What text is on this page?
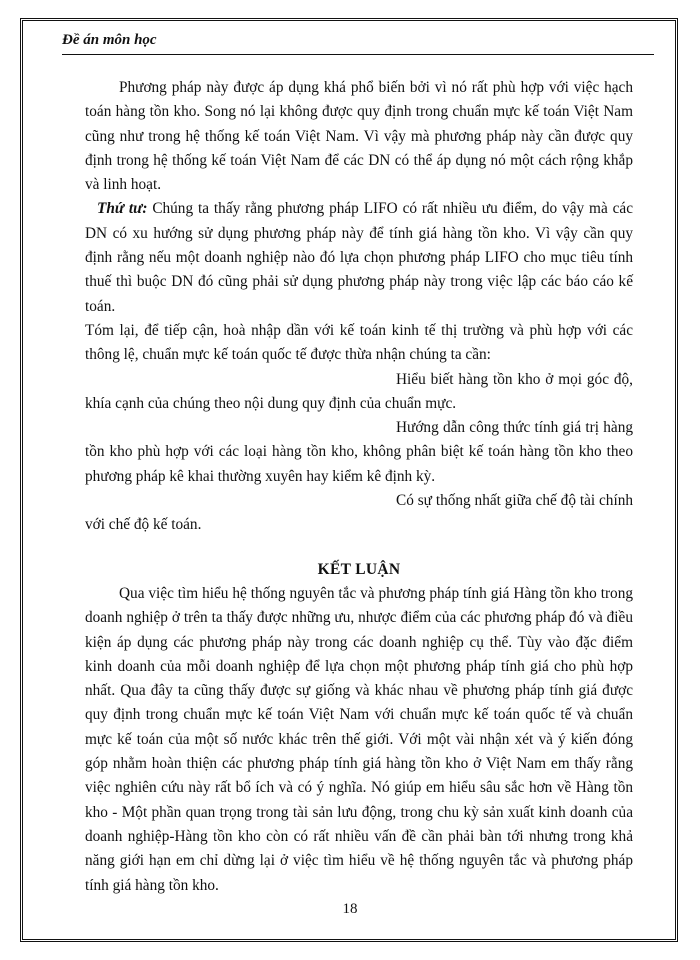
Đề án môn học

Phương pháp này được áp dụng khá phổ biến bởi vì nó rất phù hợp với việc hạch toán hàng tồn kho. Song nó lại không được quy định trong chuẩn mực kế toán Việt Nam cũng như trong hệ thống kế toán Việt Nam. Vì vậy mà phương pháp này cần được quy định trong hệ thống kế toán Việt Nam để các DN có thể áp dụng nó một cách rộng khắp và linh hoạt.

Thứ tư: Chúng ta thấy rằng phương pháp LIFO có rất nhiều ưu điểm, do vậy mà các DN có xu hướng sử dụng phương pháp này để tính giá hàng tồn kho. Vì vậy cần quy định rằng nếu một doanh nghiệp nào đó lựa chọn phương pháp LIFO cho mục tiêu tính thuế thì buộc DN đó cũng phải sử dụng phương pháp này trong việc lập các báo cáo kế toán.

Tóm lại, để tiếp cận, hoà nhập dần với kế toán kinh tế thị trường và phù hợp với các thông lệ, chuẩn mực kế toán quốc tế được thừa nhận chúng ta cần:

Hiểu biết hàng tồn kho ở mọi góc độ, khía cạnh của chúng theo nội dung quy định của chuẩn mực.

Hướng dẫn công thức tính giá trị hàng tồn kho phù hợp với các loại hàng tồn kho, không phân biệt kế toán hàng tồn kho theo phương pháp kê khai thường xuyên hay kiểm kê định kỳ.

Có sự thống nhất giữa chế độ tài chính với chế độ kế toán.

KẾT LUẬN

Qua việc tìm hiểu hệ thống nguyên tắc và phương pháp tính giá Hàng tồn kho trong doanh nghiệp ở trên ta thấy được những ưu, nhược điểm của các phương pháp đó và điều kiện áp dụng các phương pháp này trong các doanh nghiệp cụ thể. Tùy vào đặc điểm kinh doanh của mỗi doanh nghiệp để lựa chọn một phương pháp tính giá cho phù hợp nhất. Qua đây ta cũng thấy được sự giống và khác nhau về phương pháp tính giá được quy định trong chuẩn mực kế toán Việt Nam với chuẩn mực kế toán quốc tế và chuẩn mực kế toán của một số nước khác trên thế giới. Với một vài nhận xét và ý kiến đóng góp nhằm hoàn thiện các phương pháp tính giá hàng tồn kho ở Việt Nam em thấy rằng việc nghiên cứu này rất bổ ích và có ý nghĩa. Nó giúp em hiểu sâu sắc hơn về Hàng tồn kho - Một phần quan trọng trong tài sản lưu động, trong chu kỳ sản xuất kinh doanh của doanh nghiệp-Hàng tồn kho còn có rất nhiều vấn đề cần phải bàn tới nhưng trong khả năng giới hạn em chỉ dừng lại ở việc tìm hiểu về hệ thống nguyên tắc và phương pháp tính giá hàng tồn kho.

18
